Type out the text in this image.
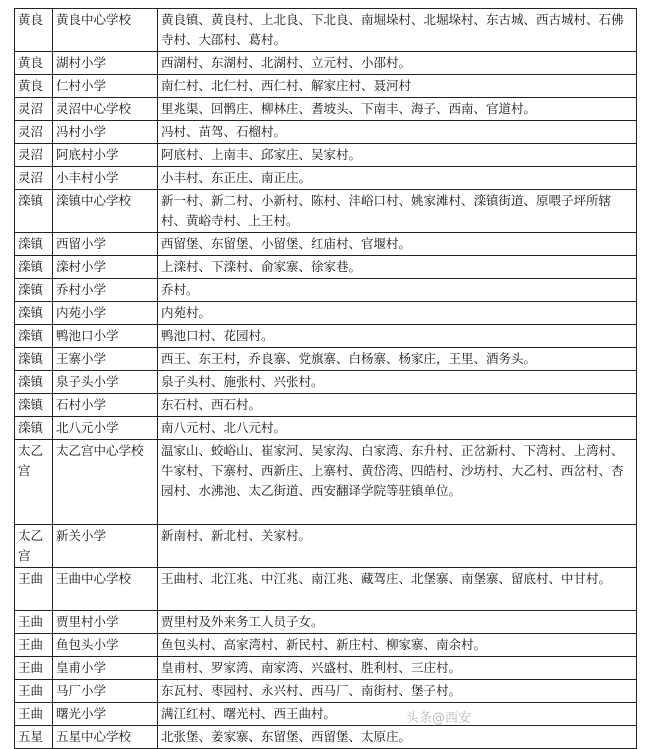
黄良	黄良中心学校	黄良镇、黄良村、上北良、下北良、南堀垛村、北堀垛村、东古城、西古城村、石佛寺村、大邵村、葛村。
黄良	湖村小学	西湖村、东湖村、北湖村、立元村、小邵村。
黄良	仁村小学	南仁村、北仁村、西仁村、解家庄村、聂河村
灵沼	灵沼中心学校	里兆渠、回鹘庄、柳林庄、耆坡头、下南丰、海子、西南、官道村。
灵沼	冯村小学	冯村、苗驾、石榴村。
灵沼	阿底村小学	阿底村、上南丰、邱家庄、吴家村。
灵沼	小丰村小学	小丰村、东正庄、南正庄。
滦镇	滦镇中心学校	新一村、新二村、小新村、陈村、沣峪口村、姚家滩村、滦镇街道、原喂子坪所辖村、黄峪寺村、上王村。
滦镇	西留小学	西留堡、东留堡、小留堡、红庙村、官堰村。
滦镇	滦村小学	上滦村、下滦村、俞家寨、徐家巷。
滦镇	乔村小学	乔村。
滦镇	内苑小学	内苑村。
滦镇	鸭池口小学	鸭池口村、花园村。
滦镇	王寨小学	西王、东王村，乔良寨、党旗寨、白杨寨、杨家庄，王里、酒务头。
滦镇	泉子头小学	泉子头村、施张村、兴张村。
滦镇	石村小学	东石村、西石村。
滦镇	北八元小学	南八元村、北八元村。
太乙宫	太乙宫中心学校	温家山、蛟峪山、崔家河、吴家沟、白家湾、东升村、正岔新村、下湾村、上湾村、牛家村、下寨村、西新庄、上寨村、黄岱湾、四皓村、沙坊村、大乙村、西岔村、杏园村、水沸池、太乙街道、西安翻译学院等驻镇单位。
太乙宫	新关小学	新南村、新北村、关家村。
王曲	王曲中心学校	王曲村、北江兆、中江兆、南江兆、藏驾庄、北堡寨、南堡寨、留底村、中甘村。
王曲	贾里村小学	贾里村及外来务工人员子女。
王曲	鱼包头小学	鱼包头村、高家湾村、新民村、新庄村、柳家寨、南余村。
王曲	皇甫小学	皇甫村、罗家湾、南家湾、兴盛村、胜利村、三庄村。
王曲	马厂小学	东瓦村、枣园村、永兴村、西马厂、南街村、堡子村。
王曲	曙光小学	满江红村、曙光村、西王曲村。
五星	五星中心学校	北张堡、姜家寨、东留堡、西留堡、太原庄。
头条@西安
